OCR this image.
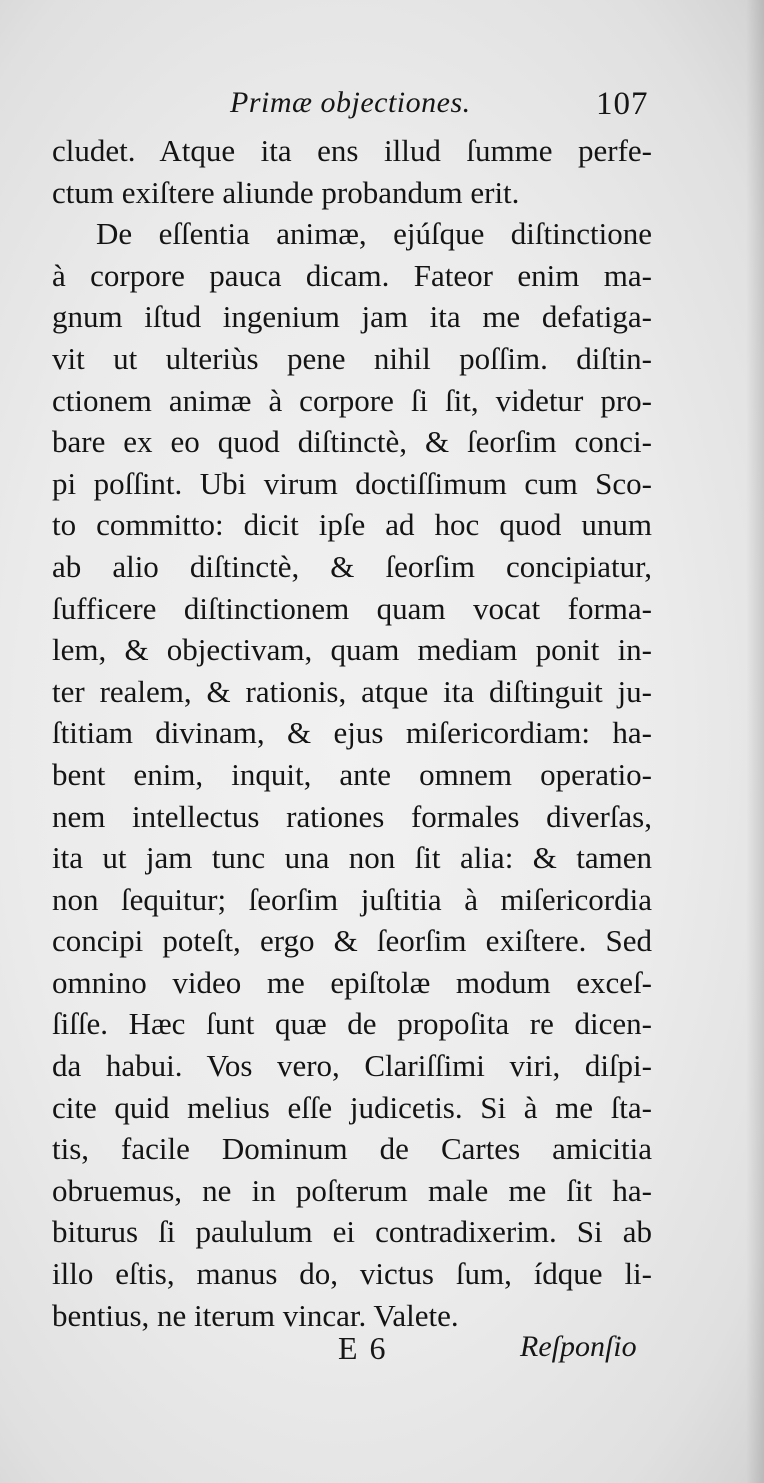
Primæ objectiones.	107
cludet. Atque ita ens illud ſumme perfe-
ctum exiſtere aliunde probandum erit.
De eſſentia animæ, ejúſque diſtinctione
à corpore pauca dicam. Fateor enim ma-
gnum iſtud ingenium jam ita me defatiga-
vit ut ulteriùs pene nihil poſſim. diſtin-
ctionem animæ à corpore ſi ſit, videtur pro-
bare ex eo quod diſtinctè, & ſeorſim conci-
pi poſſint. Ubi virum doctiſſimum cum Sco-
to committo: dicit ipſe ad hoc quod unum
ab alio diſtinctè, & ſeorſim concipiatur,
ſufficere diſtinctionem quam vocat forma-
lem, & objectivam, quam mediam ponit in-
ter realem, & rationis, atque ita diſtinguit ju-
ſtitiam divinam, & ejus miſericordiam: ha-
bent enim, inquit, ante omnem operatio-
nem intellectus rationes formales diverſas,
ita ut jam tunc una non ſit alia: & tamen
non ſequitur; ſeorſim juſtitia à miſericordia
concipi poteſt, ergo & ſeorſim exiſtere. Sed
omnino video me epiſtolæ modum exceſ-
ſiſſe. Hæc ſunt quæ de propoſita re dicen-
da habui. Vos vero, Clariſſimi viri, diſpi-
cite quid melius eſſe judicetis. Si à me ſta-
tis, facile Dominum de Cartes amicitia
obruemus, ne in poſterum male me ſit ha-
biturus ſi paululum ei contradixerim. Si ab
illo eſtis, manus do, victus ſum, ídque li-
bentius, ne iterum vincar. Valete.
E 6	Reſponſio
